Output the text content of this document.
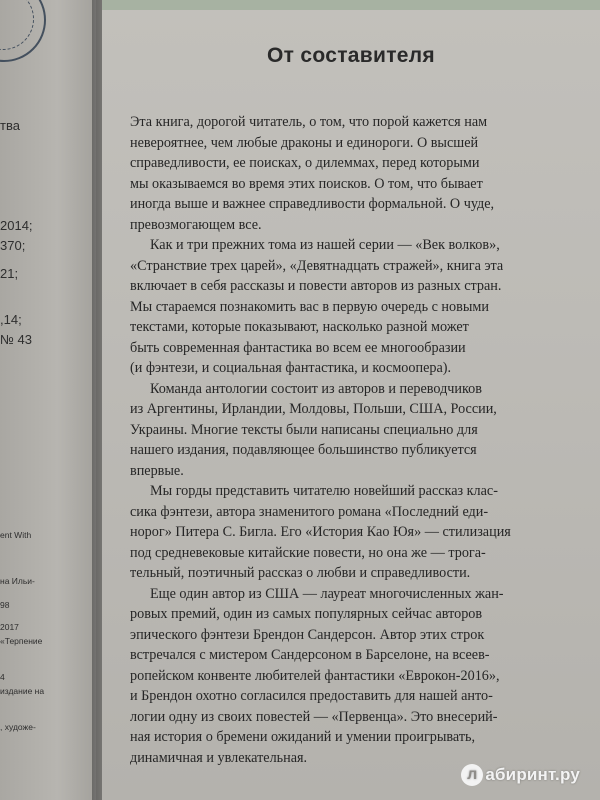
тва
2014;
370;
21;
,14;
№ 43
ent With
на Ильи-
98
2017
«Терпение
4
издание на
, художе-
От составителя

Эта книга, дорогой читатель, о том, что порой кажется нам
невероятнее, чем любые драконы и единороги. О высшей
справедливости, ее поисках, о дилеммах, перед которыми
мы оказываемся во время этих поисков. О том, что бывает
иногда выше и важнее справедливости формальной. О чуде,
превозмогающем все.

Как и три прежних тома из нашей серии — «Век волков»,
«Странствие трех царей», «Девятнадцать стражей», книга эта
включает в себя рассказы и повести авторов из разных стран.
Мы стараемся познакомить вас в первую очередь с новыми
текстами, которые показывают, насколько разной может
быть современная фантастика во всем ее многообразии
(и фэнтези, и социальная фантастика, и космоопера).

Команда антологии состоит из авторов и переводчиков
из Аргентины, Ирландии, Молдовы, Польши, США, России,
Украины. Многие тексты были написаны специально для
нашего издания, подавляющее большинство публикуется
впервые.

Мы горды представить читателю новейший рассказ клас-
сика фэнтези, автора знаменитого романа «Последний еди-
норог» Питера С. Бигла. Его «История Као Юя» — стилизация
под средневековые китайские повести, но она же — трога-
тельный, поэтичный рассказ о любви и справедливости.

Еще один автор из США — лауреат многочисленных жан-
ровых премий, один из самых популярных сейчас авторов
эпического фэнтези Брендон Сандерсон. Автор этих строк
встречался с мистером Сандерсоном в Барселоне, на всеев-
ропейском конвенте любителей фантастики «Еврокон-2016»,
и Брендон охотно согласился предоставить для нашей анто-
логии одну из своих повестей — «Первенца». Это внесерий-
ная история о бремени ожиданий и умении проигрывать,
динамичная и увлекательная.

л абиринт.ру
